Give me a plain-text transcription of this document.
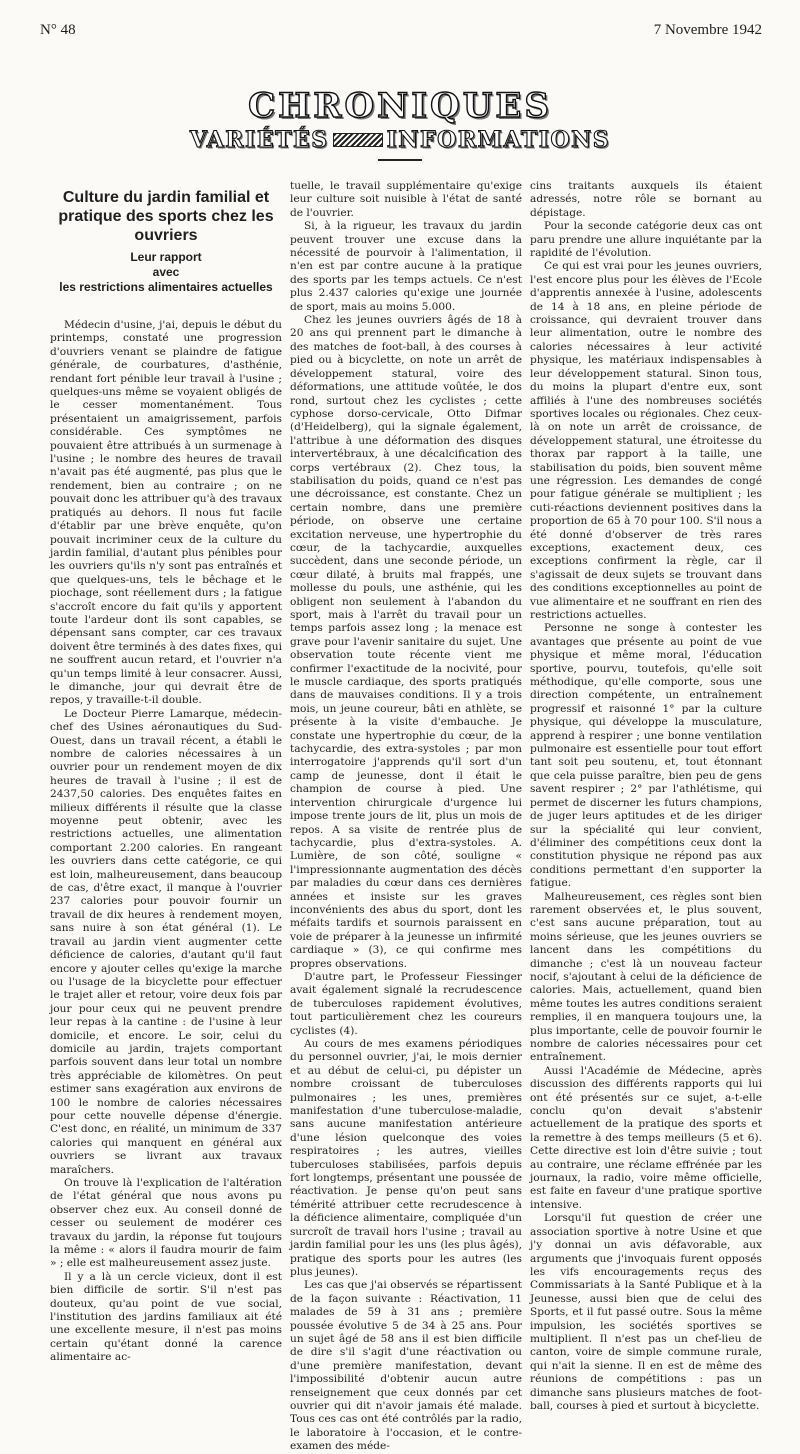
N° 48	7 Novembre 1942
CHRONIQUES
VARIÉTÉS	INFORMATIONS
Culture du jardin familial et pratique des sports chez les ouvriers
Leur rapport
avec
les restrictions alimentaires actuelles

Médecin d'usine, j'ai, depuis le début du printemps, constaté une progression d'ouvriers venant se plaindre de fatigue générale, de courbatures, d'asthénie, rendant fort pénible leur travail à l'usine ; quelques-uns même se voyaient obligés de le cesser momentanément. Tous présentaient un amaigrissement, parfois considérable. Ces symptômes ne pouvaient être attribués à un surmenage à l'usine ; le nombre des heures de travail n'avait pas été augmenté, pas plus que le rendement, bien au contraire ; on ne pouvait donc les attribuer qu'à des travaux pratiqués au dehors. Il nous fut facile d'établir par une brève enquête, qu'on pouvait incriminer ceux de la culture du jardin familial, d'autant plus pénibles pour les ouvriers qu'ils n'y sont pas entraînés et que quelques-uns, tels le bêchage et le piochage, sont réellement durs ; la fatigue s'accroît encore du fait qu'ils y apportent toute l'ardeur dont ils sont capables, se dépensant sans compter, car ces travaux doivent être terminés à des dates fixes, qui ne souffrent aucun retard, et l'ouvrier n'a qu'un temps limité à leur consacrer. Aussi, le dimanche, jour qui devrait être de repos, y travaille-t-il double.

Le Docteur Pierre Lamarque, médecin-chef des Usines aéronautiques du Sud-Ouest, dans un travail récent, a établi le nombre de calories nécessaires à un ouvrier pour un rendement moyen de dix heures de travail à l'usine ; il est de 2437,50 calories. Des enquêtes faites en milieux différents il résulte que la classe moyenne peut obtenir, avec les restrictions actuelles, une alimentation comportant 2.200 calories. En rangeant les ouvriers dans cette catégorie, ce qui est loin, malheureusement, dans beaucoup de cas, d'être exact, il manque à l'ouvrier 237 calories pour pouvoir fournir un travail de dix heures à rendement moyen, sans nuire à son état général (1). Le travail au jardin vient augmenter cette déficience de calories, d'autant qu'il faut encore y ajouter celles qu'exige la marche ou l'usage de la bicyclette pour effectuer le trajet aller et retour, voire deux fois par jour pour ceux qui ne peuvent prendre leur repas à la cantine : de l'usine à leur domicile, et encore. Le soir, celui du domicile au jardin, trajets comportant parfois souvent dans leur total un nombre très appréciable de kilomètres. On peut estimer sans exagération aux environs de 100 le nombre de calories nécessaires pour cette nouvelle dépense d'énergie. C'est donc, en réalité, un minimum de 337 calories qui manquent en général aux ouvriers se livrant aux travaux maraîchers.

On trouve là l'explication de l'altération de l'état général que nous avons pu observer chez eux. Au conseil donné de cesser ou seulement de modérer ces travaux du jardin, la réponse fut toujours la même : « alors il faudra mourir de faim » ; elle est malheureusement assez juste.

Il y a là un cercle vicieux, dont il est bien difficile de sortir. S'il n'est pas douteux, qu'au point de vue social, l'institution des jardins familiaux ait été une excellente mesure, il n'est pas moins certain qu'étant donné la carence alimentaire ac-

tuelle, le travail supplémentaire qu'exige leur culture soit nuisible à l'état de santé de l'ouvrier.

Si, à la rigueur, les travaux du jardin peuvent trouver une excuse dans la nécessité de pourvoir à l'alimentation, il n'en est par contre aucune à la pratique des sports par les temps actuels. Ce n'est plus 2.437 calories qu'exige une journée de sport, mais au moins 5.000.

Chez les jeunes ouvriers âgés de 18 à 20 ans qui prennent part le dimanche à des matches de foot-ball, à des courses à pied ou à bicyclette, on note un arrêt de développement statural, voire des déformations, une attitude voûtée, le dos rond, surtout chez les cyclistes ; cette cyphose dorso-cervicale, Otto Difmar (d'Heidelberg), qui la signale également, l'attribue à une déformation des disques intervertébraux, à une décalcification des corps vertébraux (2). Chez tous, la stabilisation du poids, quand ce n'est pas une décroissance, est constante. Chez un certain nombre, dans une première période, on observe une certaine excitation nerveuse, une hypertrophie du cœur, de la tachycardie, auxquelles succèdent, dans une seconde période, un cœur dilaté, à bruits mal frappés, une mollesse du pouls, une asthénie, qui les obligent non seulement à l'abandon du sport, mais à l'arrêt du travail pour un temps parfois assez long ; la menace est grave pour l'avenir sanitaire du sujet. Une observation toute récente vient me confirmer l'exactitude de la nocivité, pour le muscle cardiaque, des sports pratiqués dans de mauvaises conditions. Il y a trois mois, un jeune coureur, bâti en athlète, se présente à la visite d'embauche. Je constate une hypertrophie du cœur, de la tachycardie, des extra-systoles ; par mon interrogatoire j'apprends qu'il sort d'un camp de jeunesse, dont il était le champion de course à pied. Une intervention chirurgicale d'urgence lui impose trente jours de lit, plus un mois de repos. A sa visite de rentrée plus de tachycardie, plus d'extra-systoles. A. Lumière, de son côté, souligne « l'impressionnante augmentation des décès par maladies du cœur dans ces dernières années et insiste sur les graves inconvénients des abus du sport, dont les méfaits tardifs et sournois paraissent en voie de préparer à la jeunesse un infirmité cardiaque » (3), ce qui confirme mes propres observations.

D'autre part, le Professeur Fiessinger avait également signalé la recrudescence de tuberculoses rapidement évolutives, tout particulièrement chez les coureurs cyclistes (4).

Au cours de mes examens périodiques du personnel ouvrier, j'ai, le mois dernier et au début de celui-ci, pu dépister un nombre croissant de tuberculoses pulmonaires ; les unes, premières manifestation d'une tuberculose-maladie, sans aucune manifestation antérieure d'une lésion quelconque des voies respiratoires ; les autres, vieilles tuberculoses stabilisées, parfois depuis fort longtemps, présentant une poussée de réactivation. Je pense qu'on peut sans témérité attribuer cette recrudescence à la déficience alimentaire, compliquée d'un surcroît de travail hors l'usine ; travail au jardin familial pour les uns (les plus âgés), pratique des sports pour les autres (les plus jeunes).

Les cas que j'ai observés se répartissent de la façon suivante : Réactivation, 11 malades de 59 à 31 ans ; première poussée évolutive 5 de 34 à 25 ans. Pour un sujet âgé de 58 ans il est bien difficile de dire s'il s'agit d'une réactivation ou d'une première manifestation, devant l'impossibilité d'obtenir aucun autre renseignement que ceux donnés par cet ouvrier qui dit n'avoir jamais été malade. Tous ces cas ont été contrôlés par la radio, le laboratoire à l'occasion, et le contre-examen des méde-

cins traitants auxquels ils étaient adressés, notre rôle se bornant au dépistage.

Pour la seconde catégorie deux cas ont paru prendre une allure inquiétante par la rapidité de l'évolution.

Ce qui est vrai pour les jeunes ouvriers, l'est encore plus pour les élèves de l'Ecole d'apprentis annexée à l'usine, adolescents de 14 à 18 ans, en pleine période de croissance, qui devraient trouver dans leur alimentation, outre le nombre des calories nécessaires à leur activité physique, les matériaux indispensables à leur développement statural. Sinon tous, du moins la plupart d'entre eux, sont affiliés à l'une des nombreuses sociétés sportives locales ou régionales. Chez ceux-là on note un arrêt de croissance, de développement statural, une étroitesse du thorax par rapport à la taille, une stabilisation du poids, bien souvent même une régression. Les demandes de congé pour fatigue générale se multiplient ; les cuti-réactions deviennent positives dans la proportion de 65 à 70 pour 100. S'il nous a été donné d'observer de très rares exceptions, exactement deux, ces exceptions confirment la règle, car il s'agissait de deux sujets se trouvant dans des conditions exceptionnelles au point de vue alimentaire et ne souffrant en rien des restrictions actuelles.

Personne ne songe à contester les avantages que présente au point de vue physique et même moral, l'éducation sportive, pourvu, toutefois, qu'elle soit méthodique, qu'elle comporte, sous une direction compétente, un entraînement progressif et raisonné 1° par la culture physique, qui développe la musculature, apprend à respirer ; une bonne ventilation pulmonaire est essentielle pour tout effort tant soit peu soutenu, et, tout étonnant que cela puisse paraître, bien peu de gens savent respirer ; 2° par l'athlétisme, qui permet de discerner les futurs champions, de juger leurs aptitudes et de les diriger sur la spécialité qui leur convient, d'éliminer des compétitions ceux dont la constitution physique ne répond pas aux conditions permettant d'en supporter la fatigue.

Malheureusement, ces règles sont bien rarement observées et, le plus souvent, c'est sans aucune préparation, tout au moins sérieuse, que les jeunes ouvriers se lancent dans les compétitions du dimanche ; c'est là un nouveau facteur nocif, s'ajoutant à celui de la déficience de calories. Mais, actuellement, quand bien même toutes les autres conditions seraient remplies, il en manquera toujours une, la plus importante, celle de pouvoir fournir le nombre de calories nécessaires pour cet entraînement.

Aussi l'Académie de Médecine, après discussion des différents rapports qui lui ont été présentés sur ce sujet, a-t-elle conclu qu'on devait s'abstenir actuellement de la pratique des sports et la remettre à des temps meilleurs (5 et 6). Cette directive est loin d'être suivie ; tout au contraire, une réclame effrénée par les journaux, la radio, voire même officielle, est faite en faveur d'une pratique sportive intensive.

Lorsqu'il fut question de créer une association sportive à notre Usine et que j'y donnai un avis défavorable, aux arguments que j'invoquais furent opposés les vifs encouragements reçus des Commissariats à la Santé Publique et à la Jeunesse, aussi bien que de celui des Sports, et il fut passé outre. Sous la même impulsion, les sociétés sportives se multiplient. Il n'est pas un chef-lieu de canton, voire de simple commune rurale, qui n'ait la sienne. Il en est de même des réunions de compétitions : pas un dimanche sans plusieurs matches de foot-ball, courses à pied et surtout à bicyclette.
